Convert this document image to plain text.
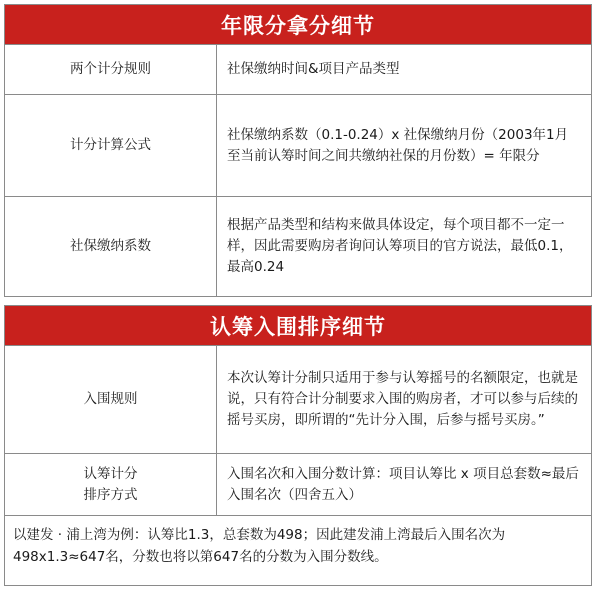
年限分拿分细节
两个计分规则	社保缴纳时间&项目产品类型
计分计算公式
社保缴纳系数（0.1-0.24）x 社保缴纳月份（2003年1月至当前认筹时间之间共缴纳社保的月份数）= 年限分
社保缴纳系数
根据产品类型和结构来做具体设定，每个项目都不一定一样，因此需要购房者询问认筹项目的官方说法，最低0.1，最高0.24
认筹入围排序细节
入围规则
本次认筹计分制只适用于参与认筹摇号的名额限定，也就是说，只有符合计分制要求入围的购房者，才可以参与后续的摇号买房，即所谓的“先计分入围，后参与摇号买房。”
认筹计分
排序方式
入围名次和入围分数计算：项目认筹比 x 项目总套数≈最后入围名次（四舍五入）
以建发 · 浦上湾为例：认筹比1.3，总套数为498；因此建发浦上湾最后入围名次为498x1.3≈647名，分数也将以第647名的分数为入围分数线。
